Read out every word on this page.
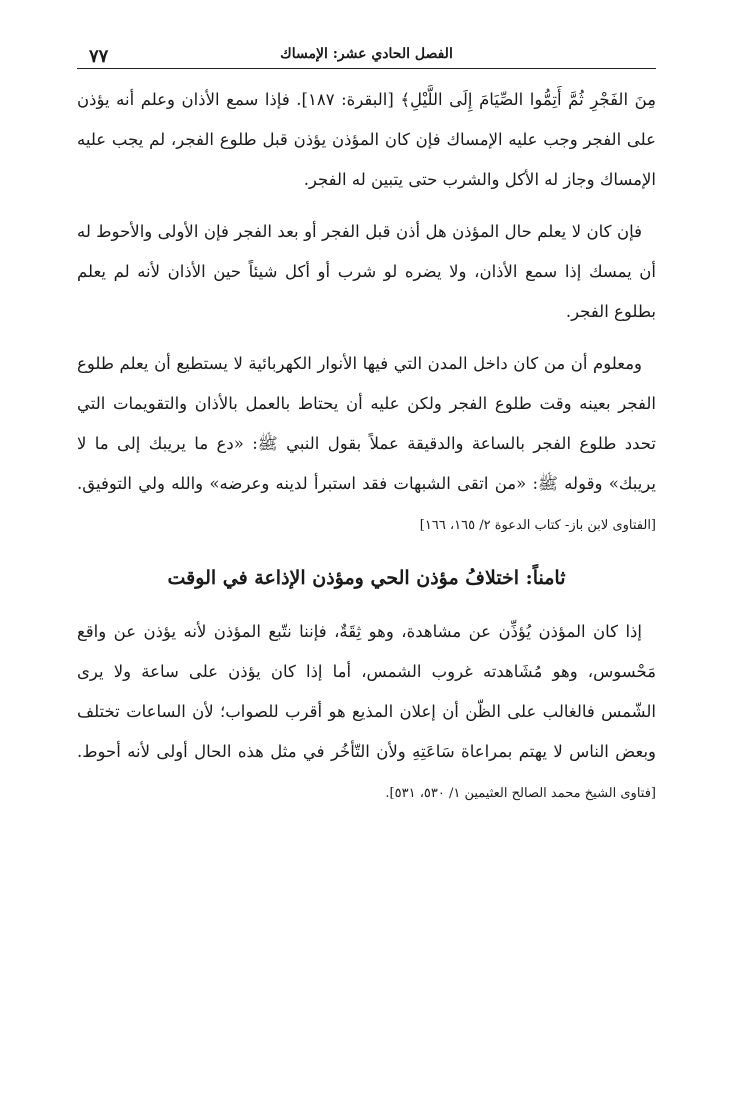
٧٧	الفصل الحادي عشر: الإمساك

مِنَ الفَجْرِ ثُمَّ أَتِمُّوا الصِّيَامَ إِلَى اللَّيْلِ﴾ [البقرة: ١٨٧]. فإذا سمع الأذان وعلم أنه يؤذن على الفجر وجب عليه الإمساك فإن كان المؤذن يؤذن قبل طلوع الفجر، لم يجب عليه الإمساك وجاز له الأكل والشرب حتى يتبين له الفجر.

فإن كان لا يعلم حال المؤذن هل أذن قبل الفجر أو بعد الفجر فإن الأولى والأحوط له أن يمسك إذا سمع الأذان، ولا يضره لو شرب أو أكل شيئاً حين الأذان لأنه لم يعلم بطلوع الفجر.

ومعلوم أن من كان داخل المدن التي فيها الأنوار الكهربائية لا يستطيع أن يعلم طلوع الفجر بعينه وقت طلوع الفجر ولكن عليه أن يحتاط بالعمل بالأذان والتقويمات التي تحدد طلوع الفجر بالساعة والدقيقة عملاً بقول النبي ﷺ: «دع ما يريبك إلى ما لا يريبك» وقوله ﷺ: «من اتقى الشبهات فقد استبرأ لدينه وعرضه» والله ولي التوفيق. [الفتاوى لابن باز- كتاب الدعوة ٢/ ١٦٥، ١٦٦]

ثامناً: اختلافُ مؤذن الحي ومؤذن الإذاعة في الوقت

إذا كان المؤذن يُؤذِّن عن مشاهدة، وهو ثِقَةٌ، فإننا نتّبع المؤذن لأنه يؤذن عن واقع مَحْسوس، وهو مُشَاهدته غروب الشمس، أما إذا كان يؤذن على ساعة ولا يرى الشّمس فالغالب على الظّن أن إعلان المذيع هو أقرب للصواب؛ لأن الساعات تختلف وبعض الناس لا يهتم بمراعاة سَاعَتِهِ ولأن التّأخُر في مثل هذه الحال أولى لأنه أحوط. [فتاوى الشيخ محمد الصالح العثيمين ١/ ٥٣٠، ٥٣١].
